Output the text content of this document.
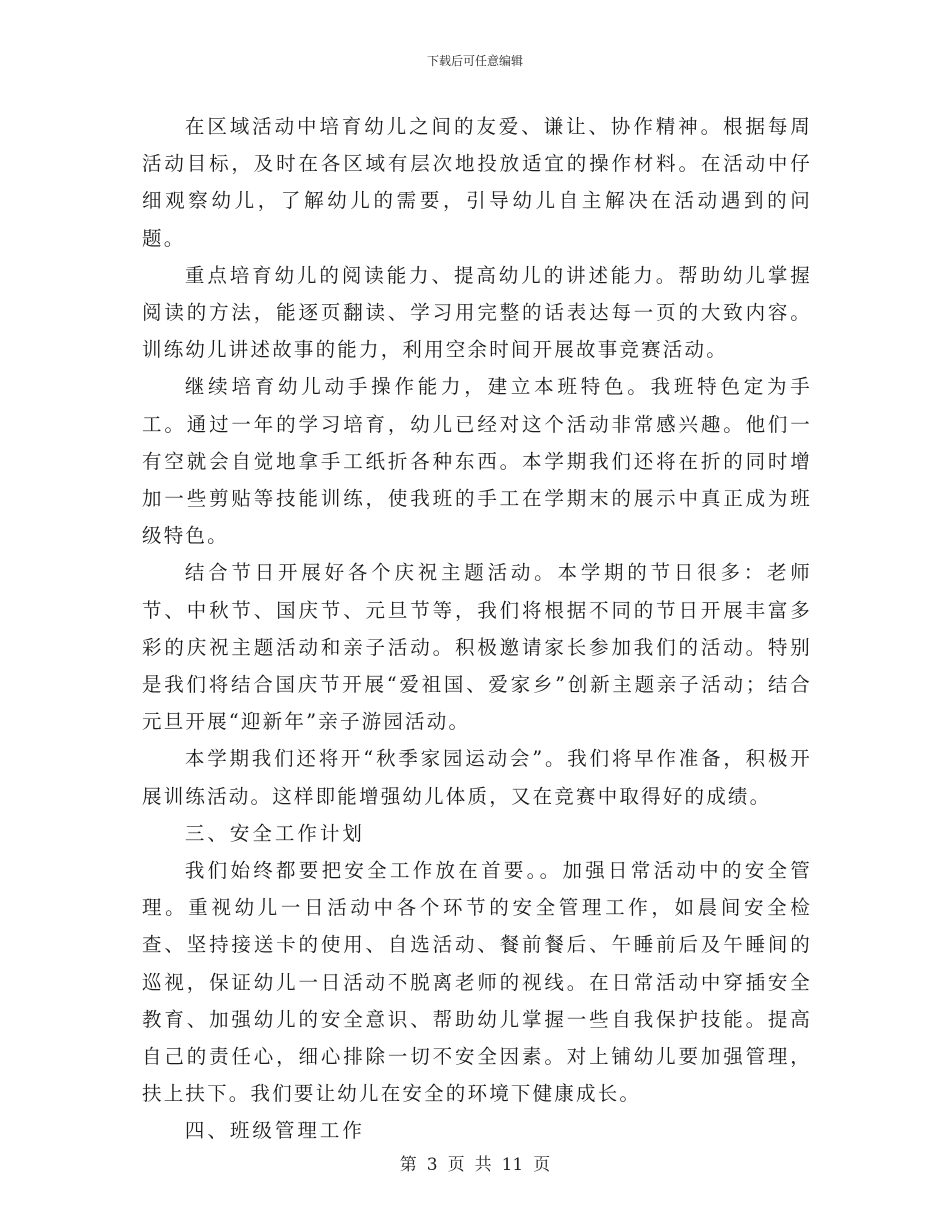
下载后可任意编辑

在区域活动中培育幼儿之间的友爱、谦让、协作精神。根据每周活动目标，及时在各区域有层次地投放适宜的操作材料。在活动中仔细观察幼儿，了解幼儿的需要，引导幼儿自主解决在活动遇到的问题。

重点培育幼儿的阅读能力、提高幼儿的讲述能力。帮助幼儿掌握阅读的方法，能逐页翻读、学习用完整的话表达每一页的大致内容。训练幼儿讲述故事的能力，利用空余时间开展故事竞赛活动。

继续培育幼儿动手操作能力，建立本班特色。我班特色定为手工。通过一年的学习培育，幼儿已经对这个活动非常感兴趣。他们一有空就会自觉地拿手工纸折各种东西。本学期我们还将在折的同时增加一些剪贴等技能训练，使我班的手工在学期末的展示中真正成为班级特色。

结合节日开展好各个庆祝主题活动。本学期的节日很多：老师节、中秋节、国庆节、元旦节等，我们将根据不同的节日开展丰富多彩的庆祝主题活动和亲子活动。积极邀请家长参加我们的活动。特别是我们将结合国庆节开展“爱祖国、爱家乡”创新主题亲子活动；结合元旦开展“迎新年”亲子游园活动。

本学期我们还将开“秋季家园运动会”。我们将早作准备，积极开展训练活动。这样即能增强幼儿体质，又在竞赛中取得好的成绩。

三、安全工作计划

我们始终都要把安全工作放在首要。。加强日常活动中的安全管理。重视幼儿一日活动中各个环节的安全管理工作，如晨间安全检查、坚持接送卡的使用、自选活动、餐前餐后、午睡前后及午睡间的巡视，保证幼儿一日活动不脱离老师的视线。在日常活动中穿插安全教育、加强幼儿的安全意识、帮助幼儿掌握一些自我保护技能。提高自己的责任心，细心排除一切不安全因素。对上铺幼儿要加强管理，扶上扶下。我们要让幼儿在安全的环境下健康成长。

四、班级管理工作

第 3 页 共 11 页
